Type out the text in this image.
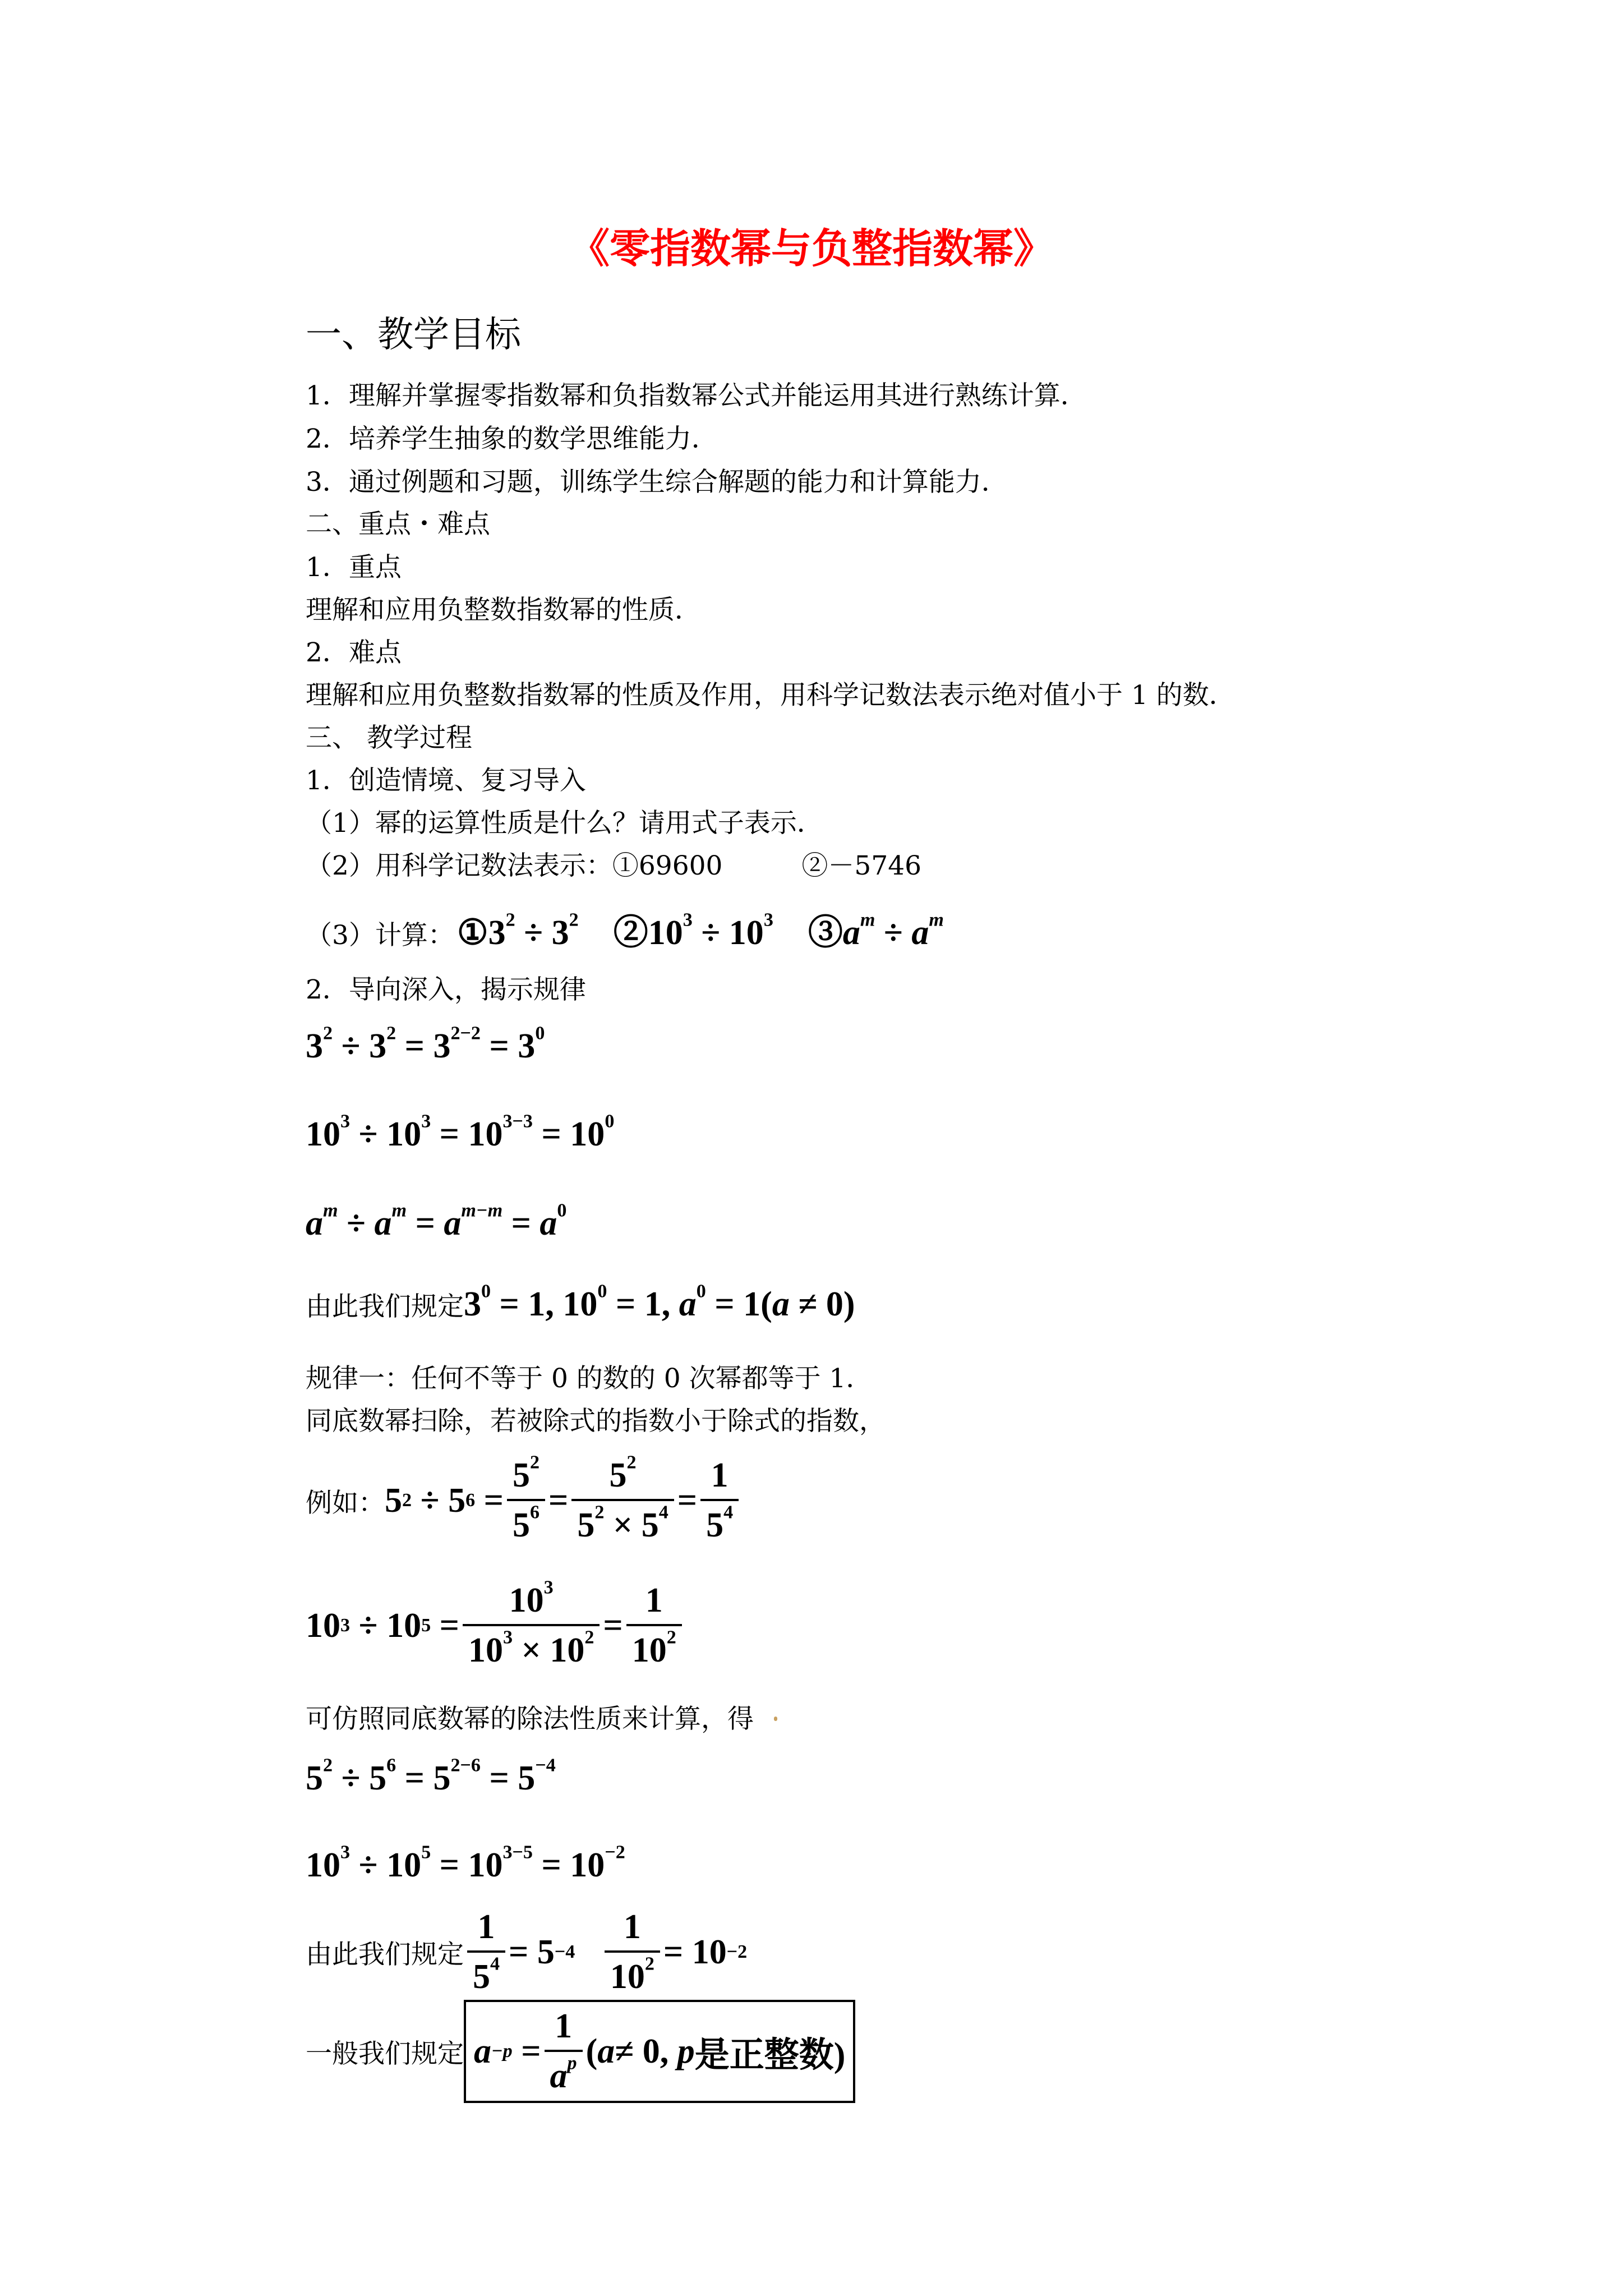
《零指数幂与负整指数幂》
一、教学目标
1．理解并掌握零指数幂和负指数幂公式并能运用其进行熟练计算．
2．培养学生抽象的数学思维能力．
3．通过例题和习题，训练学生综合解题的能力和计算能力．
二、重点・难点
1．重点
理解和应用负整数指数幂的性质．
2．难点
理解和应用负整数指数幂的性质及作用，用科学记数法表示绝对值小于 1 的数．
三、 教学过程
1．创造情境、复习导入
（1）幂的运算性质是什么？请用式子表示．
（2）用科学记数法表示：①69600　　　②－5746
（3）计算： $①3^2 \div 3^2$　$②10^3 \div 10^3$　$③a^m \div a^m$
2．导向深入，揭示规律
$3^2 \div 3^2 = 3^{2-2} = 3^0$
$10^3 \div 10^3 = 10^{3-3} = 10^0$
$a^m \div a^m = a^{m-m} = a^0$
由此我们规定$3^0 = 1$, $10^0 = 1$, $a^0 = 1(a \ne 0)$
规律一：任何不等于 0 的数的 0 次幂都等于 1．
同底数幂扫除，若被除式的指数小于除式的指数，
例如： 5 2 ÷ 5 $6 = \frac{5^2}{5^6} = \frac{5^2}{5^2 \times 5^4} = \frac{1}{5^4}$
10 3 ÷ 10 $5 = \frac{10^3}{10^3 \times 10^2} = \frac{1}{10^2}$
可仿照同底数幂的除法性质来计算，得
$5^2 \div 5^6 = 5^{2-6} = 5^{-4}$
$10^3 \div 10^5 = 10^{3-5} = 10^{-2}$
由此我们规定 $\frac{1}{5^4} = 5 -4$
$\frac{1}{10^2} = 10 -2$
一般我们规定 $a -p = \frac{1}{a^p}$ ( a ≠ 0, p 是正整数)
